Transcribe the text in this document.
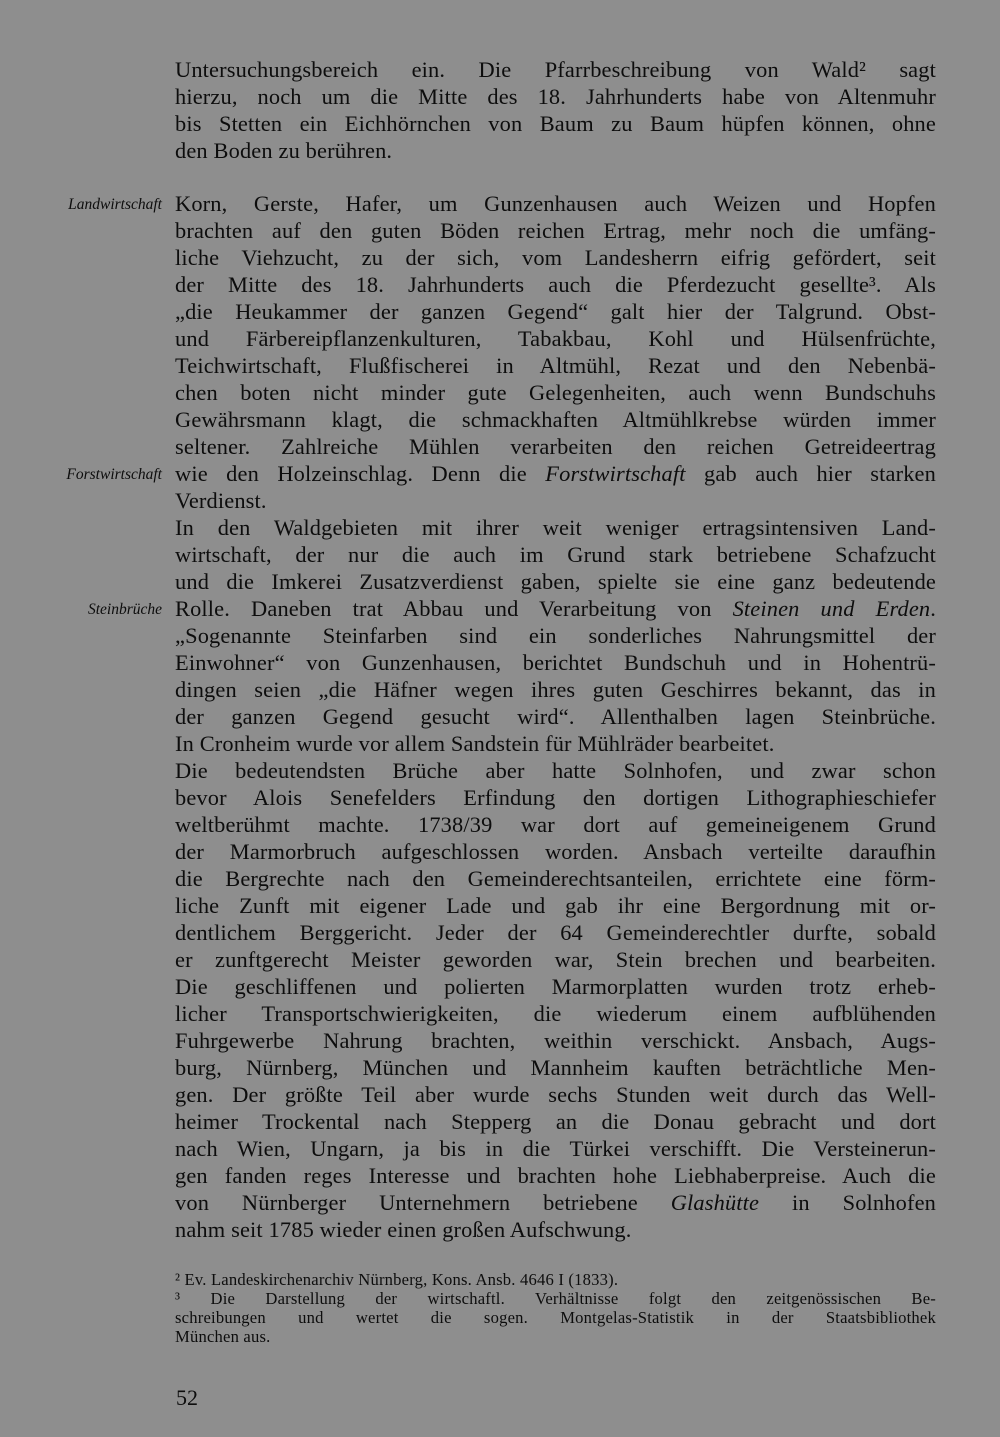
Untersuchungsbereich ein. Die Pfarrbeschreibung von Wald² sagt
hierzu, noch um die Mitte des 18. Jahrhunderts habe von Altenmuhr
bis Stetten ein Eichhörnchen von Baum zu Baum hüpfen können, ohne
den Boden zu berühren.
Landwirtschaft
Forstwirtschaft
Steinbrüche
Korn, Gerste, Hafer, um Gunzenhausen auch Weizen und Hopfen
brachten auf den guten Böden reichen Ertrag, mehr noch die umfäng-
liche Viehzucht, zu der sich, vom Landesherrn eifrig gefördert, seit
der Mitte des 18. Jahrhunderts auch die Pferdezucht gesellte³. Als
„die Heukammer der ganzen Gegend“ galt hier der Talgrund. Obst-
und Färbereipflanzenkulturen, Tabakbau, Kohl und Hülsenfrüchte,
Teichwirtschaft, Flußfischerei in Altmühl, Rezat und den Nebenbä-
chen boten nicht minder gute Gelegenheiten, auch wenn Bundschuhs
Gewährsmann klagt, die schmackhaften Altmühlkrebse würden immer
seltener. Zahlreiche Mühlen verarbeiten den reichen Getreideertrag
wie den Holzeinschlag. Denn die Forstwirtschaft gab auch hier starken
Verdienst.
In den Waldgebieten mit ihrer weit weniger ertragsintensiven Land-
wirtschaft, der nur die auch im Grund stark betriebene Schafzucht
und die Imkerei Zusatzverdienst gaben, spielte sie eine ganz bedeutende
Rolle. Daneben trat Abbau und Verarbeitung von Steinen und Erden.
„Sogenannte Steinfarben sind ein sonderliches Nahrungsmittel der
Einwohner“ von Gunzenhausen, berichtet Bundschuh und in Hohentrü-
dingen seien „die Häfner wegen ihres guten Geschirres bekannt, das in
der ganzen Gegend gesucht wird“. Allenthalben lagen Steinbrüche.
In Cronheim wurde vor allem Sandstein für Mühlräder bearbeitet.
Die bedeutendsten Brüche aber hatte Solnhofen, und zwar schon
bevor Alois Senefelders Erfindung den dortigen Lithographieschiefer
weltberühmt machte. 1738/39 war dort auf gemeineigenem Grund
der Marmorbruch aufgeschlossen worden. Ansbach verteilte daraufhin
die Bergrechte nach den Gemeinderechtsanteilen, errichtete eine förm-
liche Zunft mit eigener Lade und gab ihr eine Bergordnung mit or-
dentlichem Berggericht. Jeder der 64 Gemeinderechtler durfte, sobald
er zunftgerecht Meister geworden war, Stein brechen und bearbeiten.
Die geschliffenen und polierten Marmorplatten wurden trotz erheb-
licher Transportschwierigkeiten, die wiederum einem aufblühenden
Fuhrgewerbe Nahrung brachten, weithin verschickt. Ansbach, Augs-
burg, Nürnberg, München und Mannheim kauften beträchtliche Men-
gen. Der größte Teil aber wurde sechs Stunden weit durch das Well-
heimer Trockental nach Stepperg an die Donau gebracht und dort
nach Wien, Ungarn, ja bis in die Türkei verschifft. Die Versteinerun-
gen fanden reges Interesse und brachten hohe Liebhaberpreise. Auch die
von Nürnberger Unternehmern betriebene Glashütte in Solnhofen
nahm seit 1785 wieder einen großen Aufschwung.
² Ev. Landeskirchenarchiv Nürnberg, Kons. Ansb. 4646 I (1833).
³ Die Darstellung der wirtschaftl. Verhältnisse folgt den zeitgenössischen Be-
schreibungen und wertet die sogen. Montgelas-Statistik in der Staatsbibliothek
München aus.
52
